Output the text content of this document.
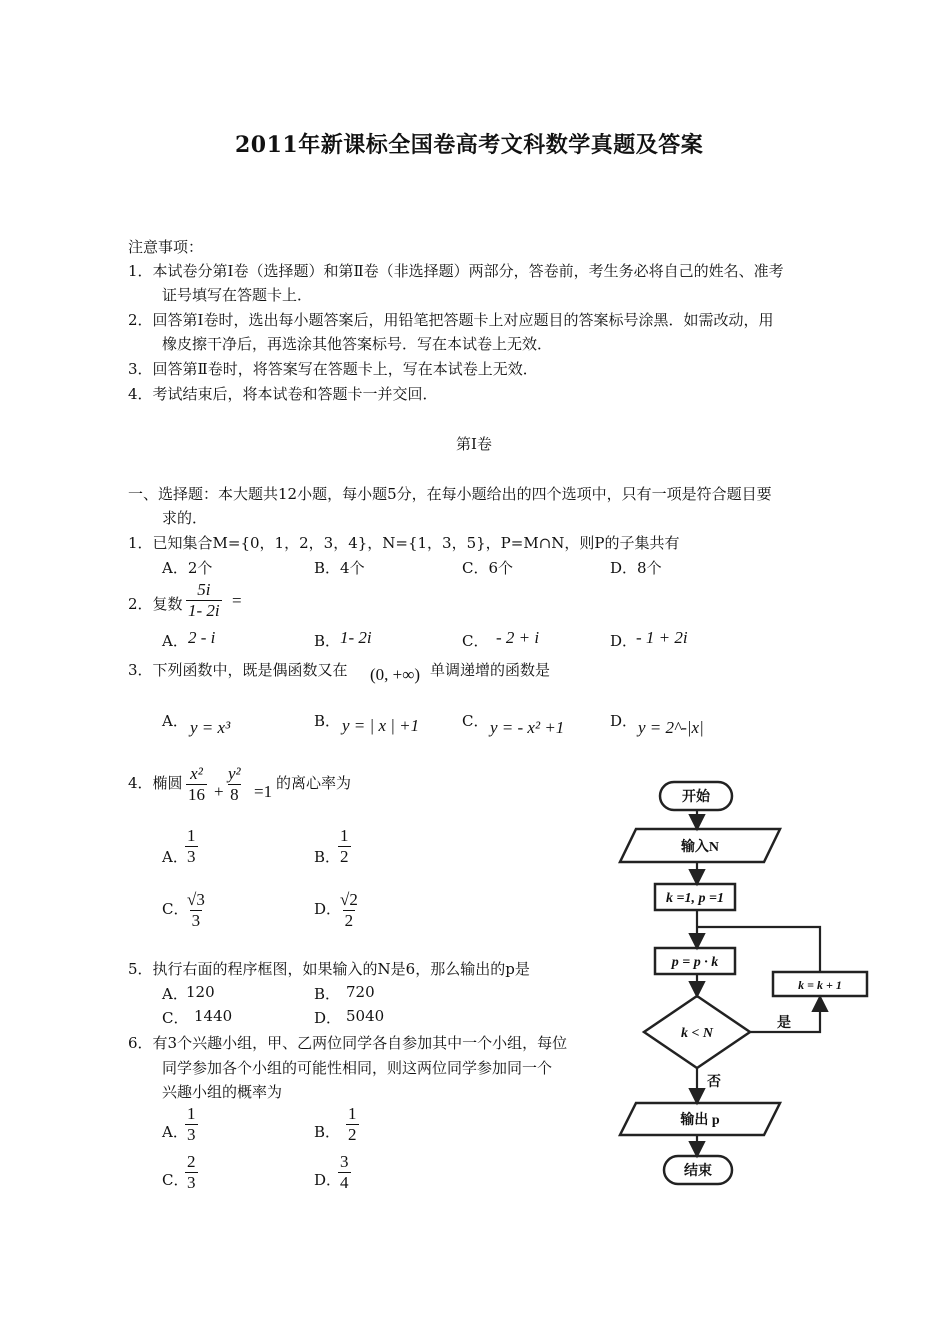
2011年新课标全国卷高考文科数学真题及答案
注意事项：
1．本试卷分第Ⅰ卷（选择题）和第Ⅱ卷（非选择题）两部分，答卷前，考生务必将自己的姓名、准考
证号填写在答题卡上．
2．回答第Ⅰ卷时，选出每小题答案后，用铅笔把答题卡上对应题目的答案标号涂黑．如需改动，用
橡皮擦干净后，再选涂其他答案标号．写在本试卷上无效．
3．回答第Ⅱ卷时，将答案写在答题卡上，写在本试卷上无效．
4．考试结束后，将本试卷和答题卡一并交回．
第Ⅰ卷
一、选择题：本大题共12小题，每小题5分，在每小题给出的四个选项中，只有一项是符合题目要
求的．
1．已知集合M={0，1，2，3，4}，N={1，3，5}，P=M∩N，则P的子集共有
A．2个	B．4个	C．6个	D．8个
2．复数 $\frac{5i}{1- 2i}$ =
A． 2 - i	B． 1- 2i	C． - 2 + i	D．
- 1 + 2i
3．下列函数中，既是偶函数又在 (0, +∞) 单调递增的函数是
A． y = x³	B． y = | x | +1	C． y = - x² +1	D． y = 2^-|x|
4．椭圆 $\frac{\text{x²}}{16} + \frac{\text{y²}}{8} =1$ 的离心率为
A．
$\frac{1}{3}$	B．
$\frac{1}{2}$
C．
$\frac{√3}{3}$	D．
$\frac{√2}{2}$
5．执行右面的程序框图，如果输入的N是6，那么输出的p是
A．
120	B． 720
C． 1440	D． 5040
6．有3个兴趣小组，甲、乙两位同学各自参加其中一个小组，每位
同学参加各个小组的可能性相同，则这两位同学参加同一个
兴趣小组的概率为
A．
$\frac{1}{3}$	B． $\frac{1}{2}$
C．
$\frac{2}{3}$	D．
$\frac{3}{4}$
开始
输入N
k =1, p =1
p = p · k
k = k + 1
k < N
是
否
输出 p
结束
